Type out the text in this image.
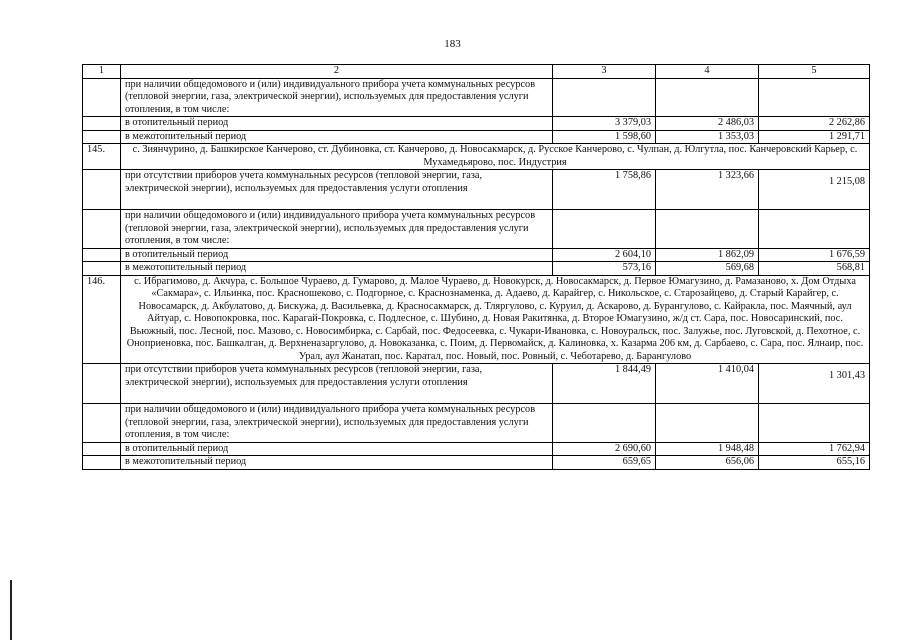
183
1	2	3	4	5
	при наличии общедомового и (или) индивидуального прибора учета коммунальных ресурсов (тепловой энергии, газа, электрической энергии), используемых для предоставления услуги отопления, в том числе:			
	в отопительный период	3 379,03	2 486,03	2 262,86
	в межотопительный период	1 598,60	1 353,03	1 291,71
145.	с. Зиянчурино, д. Башкирское Канчерово, ст. Дубиновка, ст. Канчерово, д. Новосакмарск, д. Русское Канчерово, с. Чулпан, д. Юлгутла, пос. Канчеровский Карьер, с. Мухамедьярово, пос. Индустрия			
	при отсутствии приборов учета коммунальных ресурсов (тепловой энергии, газа, электрической энергии), используемых для предоставления услуги отопления	1 758,86	1 323,66	1 215,08
	при наличии общедомового и (или) индивидуального прибора учета коммунальных ресурсов (тепловой энергии, газа, электрической энергии), используемых для предоставления услуги отопления, в том числе:			
	в отопительный период	2 604,10	1 862,09	1 676,59
	в межотопительный период	573,16	569,68	568,81
146.	с. Ибрагимово, д. Акчура, с. Большое Чураево, д. Гумарово, д. Малое Чураево, д. Новокурск, д. Новосакмарск, д. Первое Юмагузино, д. Рамазаново, х. Дом Отдыха «Сакмара», с. Ильинка, пос. Красношеково, с. Подгорное, с. Краснознаменка, д. Адаево, д. Карайгер, с. Никольское, с. Старозайцево, д. Старый Карайгер, с. Новосамарск, д. Акбулатово, д. Бискужа, д. Васильевка, д. Красносакмарск, д. Тляргулово, с. Куруил, д. Аскарово, д. Бурангулово, с. Кайракла, пос. Маячный, аул Айтуар, с. Новопокровка, пос. Карагай-Покровка, с. Подлесное, с. Шубино, д. Новая Ракитянка, д. Второе Юмагузино, ж/д ст. Сара, пос. Новосаринский, пос. Вьюжный, пос. Лесной, пос. Мазово, с. Новосимбирка, с. Сарбай, пос. Федосеевка, с. Чукари-Ивановка, с. Новоуральск, пос. Залужье, пос. Луговской, д. Пехотное, с. Оноприеновка, пос. Башкалган, д. Верхненазаргулово, д. Новоказанка, с. Поим, д. Первомайск, д. Калиновка, х. Казарма 206 км, д. Сарбаево, с. Сара, пос. Ялнаир, пос. Урал, аул Жанатап, пос. Каратал, пос. Новый, пос. Ровный, с. Чеботарево, д. Барангулово			
	при отсутствии приборов учета коммунальных ресурсов (тепловой энергии, газа, электрической энергии), используемых для предоставления услуги отопления	1 844,49	1 410,04	1 301,43
	при наличии общедомового и (или) индивидуального прибора учета коммунальных ресурсов (тепловой энергии, газа, электрической энергии), используемых для предоставления услуги отопления, в том числе:			
	в отопительный период	2 690,60	1 948,48	1 762,94
	в межотопительный период	659,65	656,06	655,16
